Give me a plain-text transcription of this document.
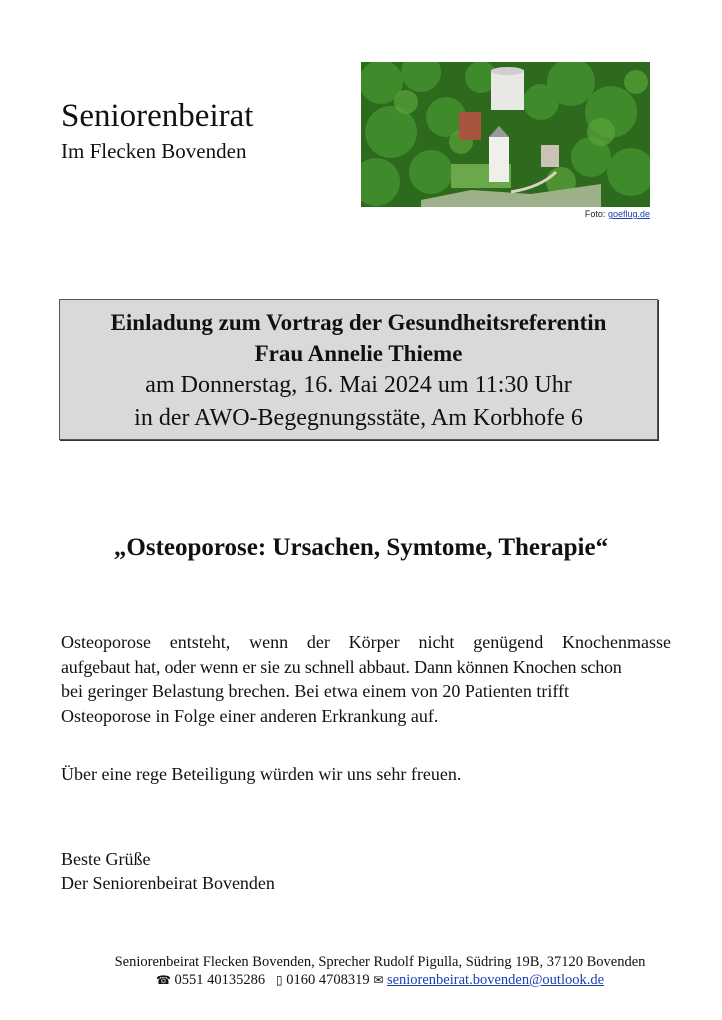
Seniorenbeirat
Im Flecken Bovenden
Foto: goeflug.de
Einladung zum Vortrag der Gesundheitsreferentin
Frau Annelie Thieme
am Donnerstag, 16. Mai 2024 um 11:30 Uhr
in der AWO-Begegnungsstäte, Am Korbhofe 6
„Osteoporose: Ursachen, Symtome, Therapie“
Osteoporose entsteht, wenn der Körper nicht genügend Knochenmasse
aufgebaut hat, oder wenn er sie zu schnell abbaut. Dann können Knochen schon
bei geringer Belastung brechen. Bei etwa einem von 20 Patienten trifft
Osteoporose in Folge einer anderen Erkrankung auf.
Über eine rege Beteiligung würden wir uns sehr freuen.
Beste Grüße
Der Seniorenbeirat Bovenden
Seniorenbeirat Flecken Bovenden, Sprecher Rudolf Pigulla, Südring 19B, 37120 Bovenden
☎ 0551 40135286 ▯ 0160 4708319 ✉ seniorenbeirat.bovenden@outlook.de
